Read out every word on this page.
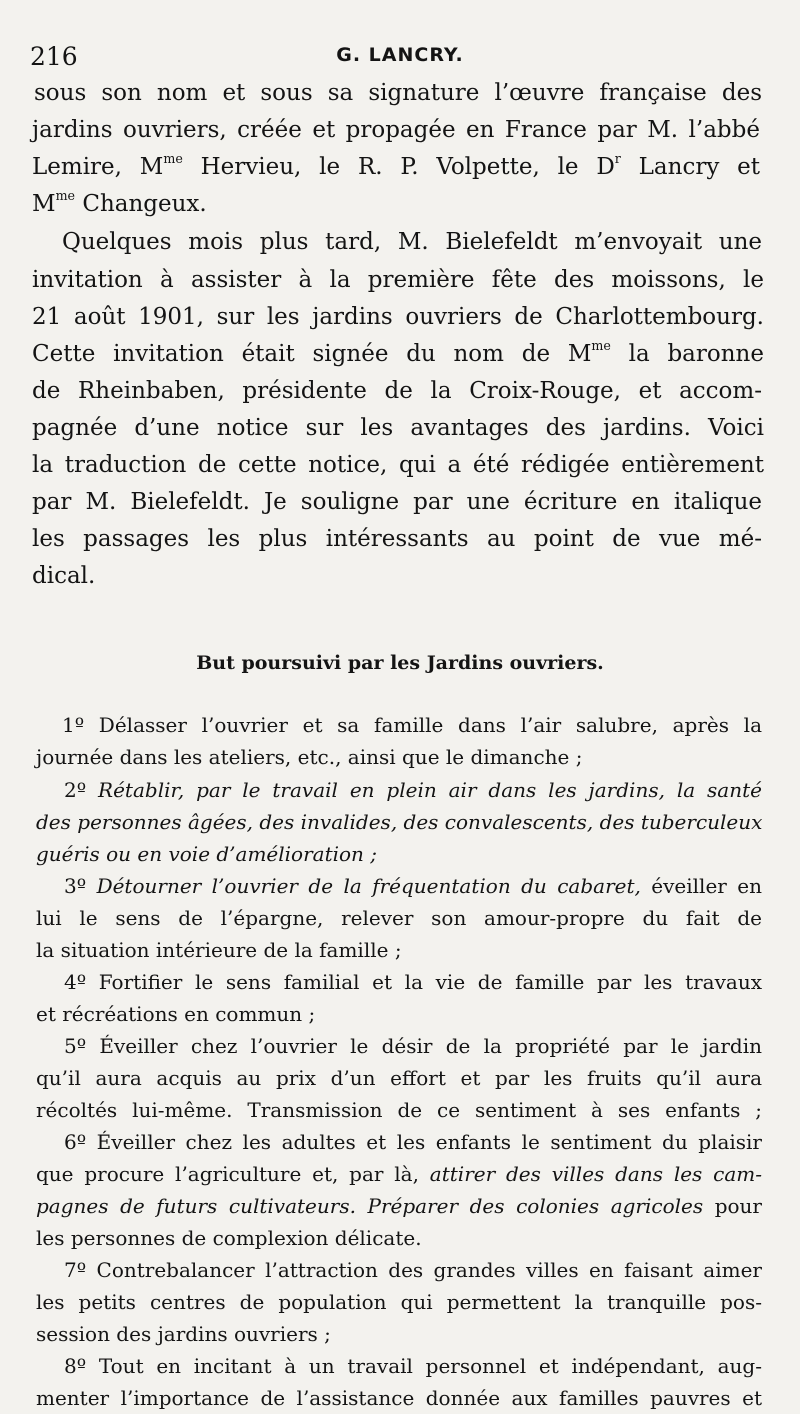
216	G. LANCRY.
sous son nom et sous sa signature l’œuvre française des
jardins ouvriers, créée et propagée en France par M. l’abbé
Lemire, $M^{me}$ Hervieu, le R. P. Volpette, le $D^r$ Lancry et
$M^{me}$ Changeux.
Quelques mois plus tard, M. Bielefeldt m’envoyait une
invitation à assister à la première fête des moissons, le
21 août 1901, sur les jardins ouvriers de Charlottembourg.
Cette invitation était signée du nom de $M^{me}$ la baronne
de Rheinbaben, présidente de la Croix-Rouge, et accom-
pagnée d’une notice sur les avantages des jardins. Voici
la traduction de cette notice, qui a été rédigée entièrement
par M. Bielefeldt. Je souligne par une écriture en italique
les passages les plus intéressants au point de vue mé-
dical.
But poursuivi par les Jardins ouvriers.
1º Délasser l’ouvrier et sa famille dans l’air salubre, après la
journée dans les ateliers, etc., ainsi que le dimanche ;
2º Rétablir, par le travail en plein air dans les jardins, la santé
des personnes âgées, des invalides, des convalescents, des tuberculeux
guéris ou en voie d’amélioration ;
3º Détourner l’ouvrier de la fréquentation du cabaret, éveiller en
lui le sens de l’épargne, relever son amour-propre du fait de
la situation intérieure de la famille ;
4º Fortifier le sens familial et la vie de famille par les travaux
et récréations en commun ;
5º Éveiller chez l’ouvrier le désir de la propriété par le jardin
qu’il aura acquis au prix d’un effort et par les fruits qu’il aura
récoltés lui-même. Transmission de ce sentiment à ses enfants ;
6º Éveiller chez les adultes et les enfants le sentiment du plaisir
que procure l’agriculture et, par là, attirer des villes dans les cam-
pagnes de futurs cultivateurs. Préparer des colonies agricoles pour
les personnes de complexion délicate.
7º Contrebalancer l’attraction des grandes villes en faisant aimer
les petits centres de population qui permettent la tranquille pos-
session des jardins ouvriers ;
8º Tout en incitant à un travail personnel et indépendant, aug-
menter l’importance de l’assistance donnée aux familles pauvres et
